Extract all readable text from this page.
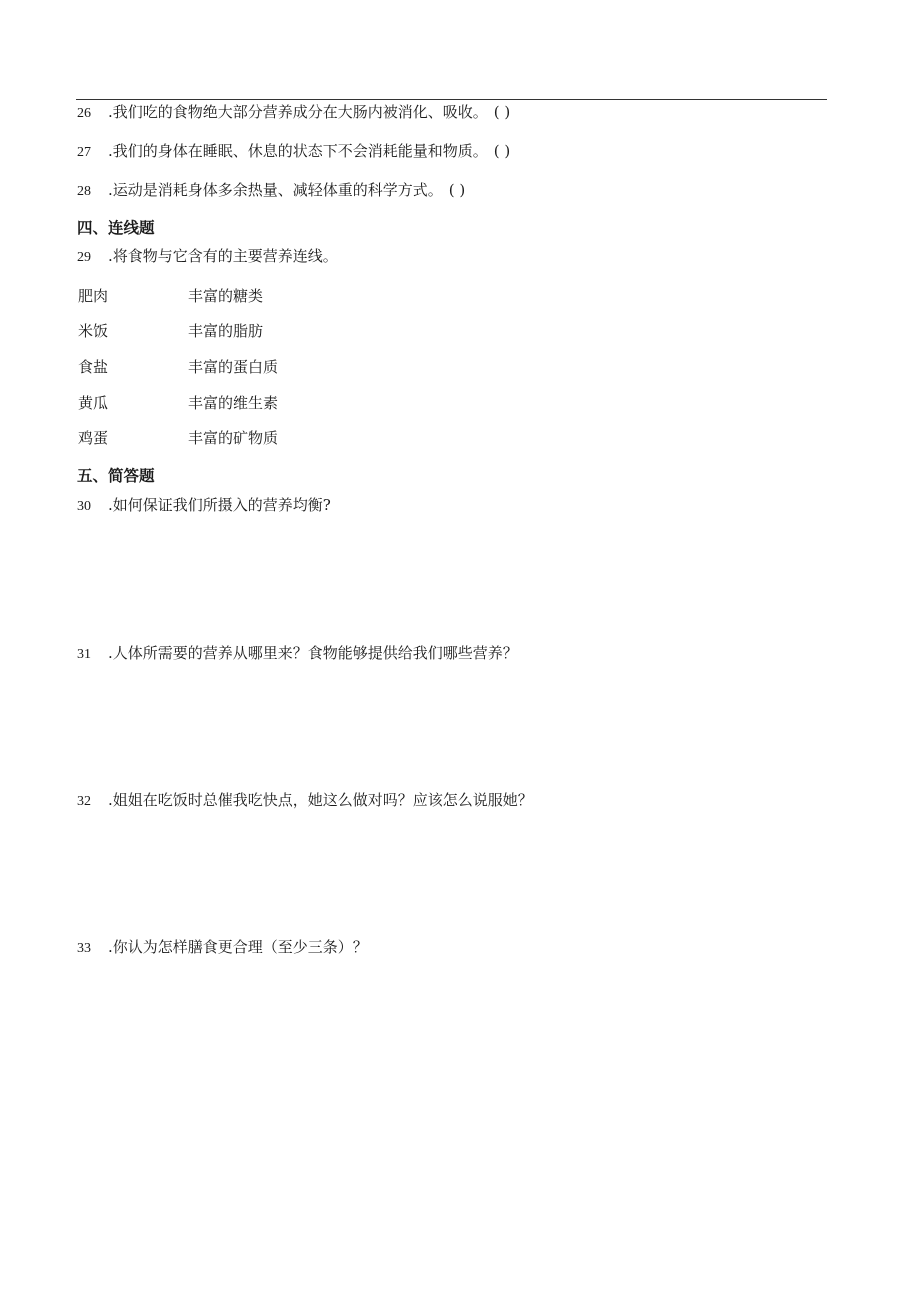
26 .我们吃的食物绝大部分营养成分在大肠内被消化、吸收。 ( )
27 .我们的身体在睡眠、休息的状态下不会消耗能量和物质。 ( )
28 .运动是消耗身体多余热量、减轻体重的科学方式。 ( )
四、连线题
29 .将食物与它含有的主要营养连线。
肥肉	丰富的糖类
米饭	丰富的脂肪
食盐	丰富的蛋白质
黄瓜	丰富的维生素
鸡蛋	丰富的矿物质
五、简答题
30 .如何保证我们所摄入的营养均衡?
31 .人体所需要的营养从哪里来？食物能够提供给我们哪些营养？
32 .姐姐在吃饭时总催我吃快点，她这么做对吗？应该怎么说服她？
33 .你认为怎样膳食更合理（至少三条）？
